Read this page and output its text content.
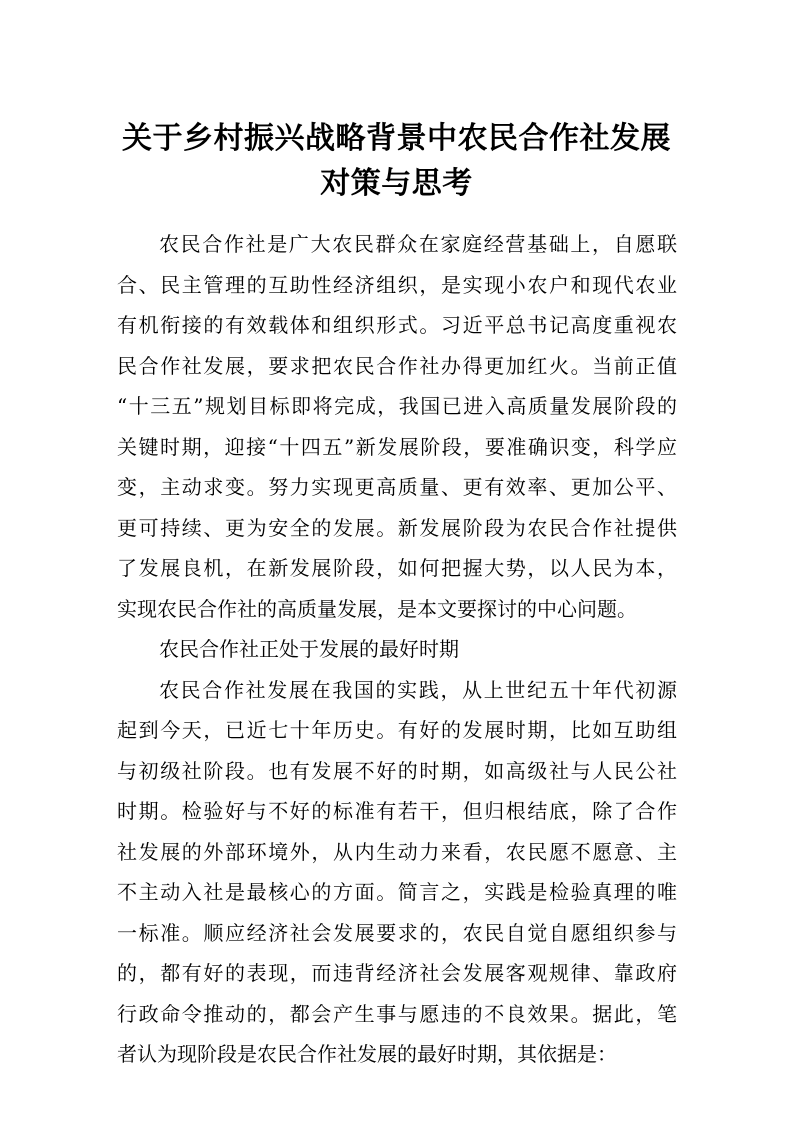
关于乡村振兴战略背景中农民合作社发展
对策与思考
农民合作社是广大农民群众在家庭经营基础上，自愿联
合、民主管理的互助性经济组织，是实现小农户和现代农业
有机衔接的有效载体和组织形式。习近平总书记高度重视农
民合作社发展，要求把农民合作社办得更加红火。当前正值
“十三五”规划目标即将完成，我国已进入高质量发展阶段的
关键时期，迎接“十四五”新发展阶段，要准确识变，科学应
变，主动求变。努力实现更高质量、更有效率、更加公平、
更可持续、更为安全的发展。新发展阶段为农民合作社提供
了发展良机，在新发展阶段，如何把握大势，以人民为本，
实现农民合作社的高质量发展，是本文要探讨的中心问题。
农民合作社正处于发展的最好时期
农民合作社发展在我国的实践，从上世纪五十年代初源
起到今天，已近七十年历史。有好的发展时期，比如互助组
与初级社阶段。也有发展不好的时期，如高级社与人民公社
时期。检验好与不好的标准有若干，但归根结底，除了合作
社发展的外部环境外，从内生动力来看，农民愿不愿意、主
不主动入社是最核心的方面。简言之，实践是检验真理的唯
一标准。顺应经济社会发展要求的，农民自觉自愿组织参与
的，都有好的表现，而违背经济社会发展客观规律、靠政府
行政命令推动的，都会产生事与愿违的不良效果。据此，笔
者认为现阶段是农民合作社发展的最好时期，其依据是：
